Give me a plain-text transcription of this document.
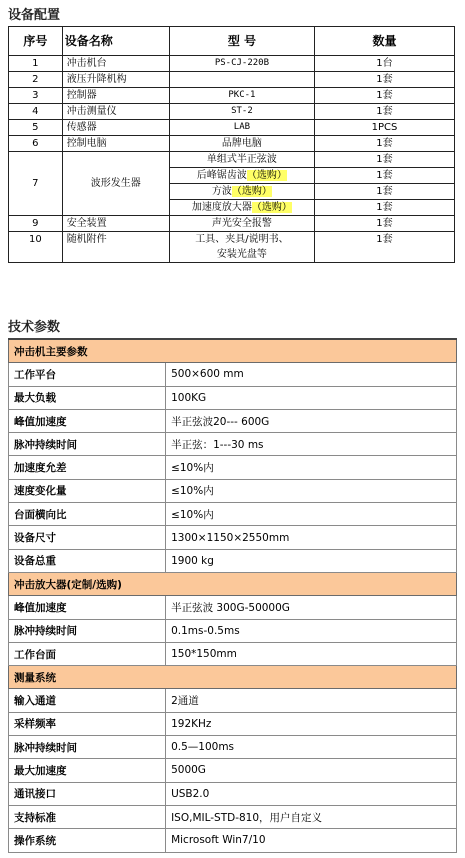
设备配置
序号	设备名称	型 号	数量
1	冲击机台	PS-CJ-220B	1台
2	液压升降机构		1套
3	控制器	PKC-1	1套
4	冲击测量仪	ST-2	1套
5	传感器	LAB	1PCS
6	控制电脑	品牌电脑	1套
7	波形发生器	单组式半正弦波	1套
		后峰锯齿波（选购）	1套
		方波（选购）	1套
		加速度放大器（选购）	1套
9	安全装置	声光安全报警	1套
10	随机附件	工具、夹具/说明书、
安装光盘等	1套
技术参数
冲击机主要参数	
工作平台	500×600 mm
最大负载	100KG
峰值加速度	半正弦波20--- 600G
脉冲持续时间	半正弦：1---30 ms
加速度允差	≤10%内
速度变化量	≤10%内
台面横向比	≤10%内
设备尺寸	1300×1150×2550mm
设备总重	1900 kg
冲击放大器(定制/选购)	
峰值加速度	半正弦波 300G-50000G
脉冲持续时间	0.1ms-0.5ms
工作台面	150*150mm
测量系统	
输入通道	2通道
采样频率	192KHz
脉冲持续时间	0.5—100ms
最大加速度	5000G
通讯接口	USB2.0
支持标准	ISO,MIL-STD-810，用户自定义
操作系统	Microsoft Win7/10
